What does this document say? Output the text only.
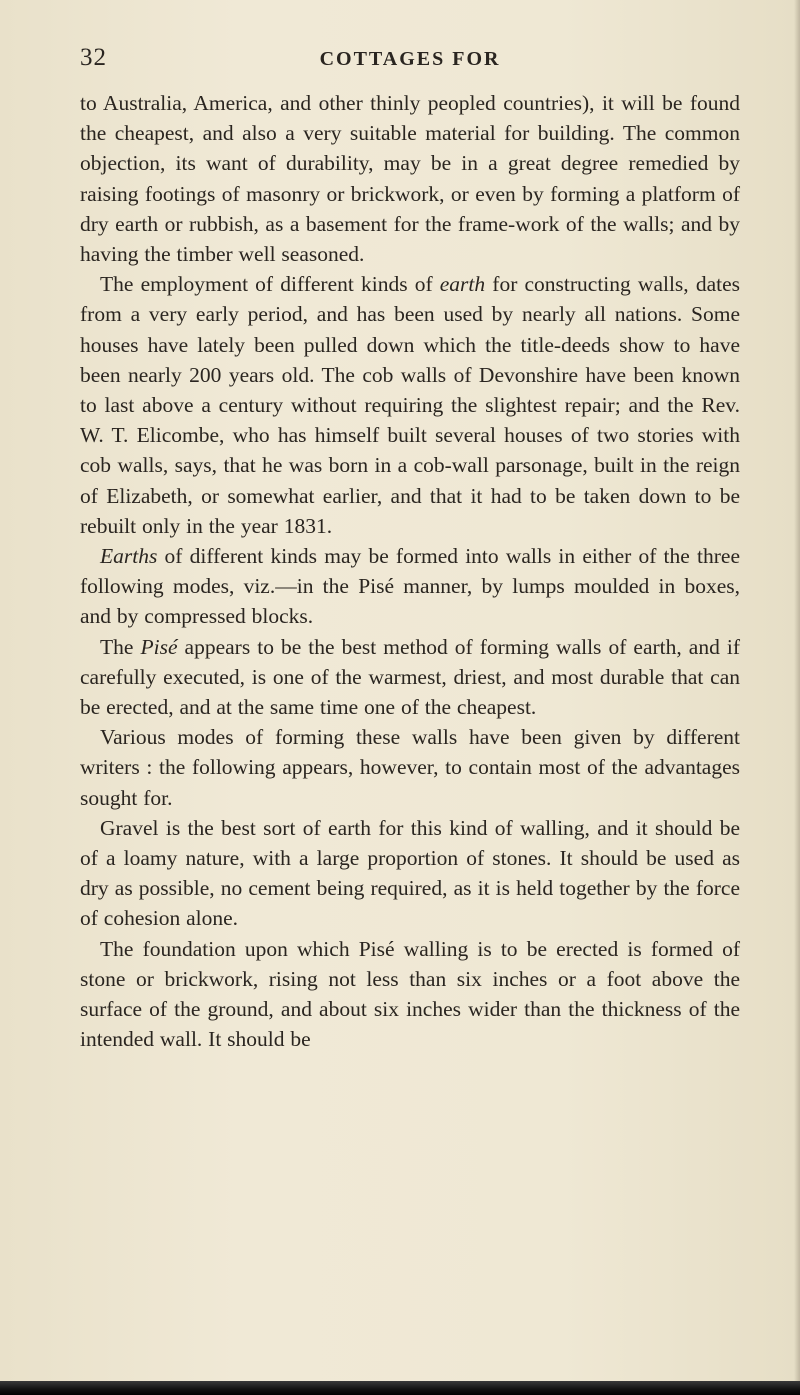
32	COTTAGES FOR

to Australia, America, and other thinly peopled countries), it will be found the cheapest, and also a very suitable material for building. The common objection, its want of durability, may be in a great degree remedied by raising footings of masonry or brickwork, or even by forming a platform of dry earth or rubbish, as a basement for the frame-work of the walls; and by having the timber well seasoned.

The employment of different kinds of earth for constructing walls, dates from a very early period, and has been used by nearly all nations. Some houses have lately been pulled down which the title-deeds show to have been nearly 200 years old. The cob walls of Devonshire have been known to last above a century without requiring the slightest repair; and the Rev. W. T. Elicombe, who has himself built several houses of two stories with cob walls, says, that he was born in a cob-wall parsonage, built in the reign of Elizabeth, or somewhat earlier, and that it had to be taken down to be rebuilt only in the year 1831.

Earths of different kinds may be formed into walls in either of the three following modes, viz.—in the Pisé manner, by lumps moulded in boxes, and by compressed blocks.

The Pisé appears to be the best method of forming walls of earth, and if carefully executed, is one of the warmest, driest, and most durable that can be erected, and at the same time one of the cheapest.

Various modes of forming these walls have been given by different writers : the following appears, however, to contain most of the advantages sought for.

Gravel is the best sort of earth for this kind of walling, and it should be of a loamy nature, with a large proportion of stones. It should be used as dry as possible, no cement being required, as it is held together by the force of cohesion alone.

The foundation upon which Pisé walling is to be erected is formed of stone or brickwork, rising not less than six inches or a foot above the surface of the ground, and about six inches wider than the thickness of the intended wall. It should be
